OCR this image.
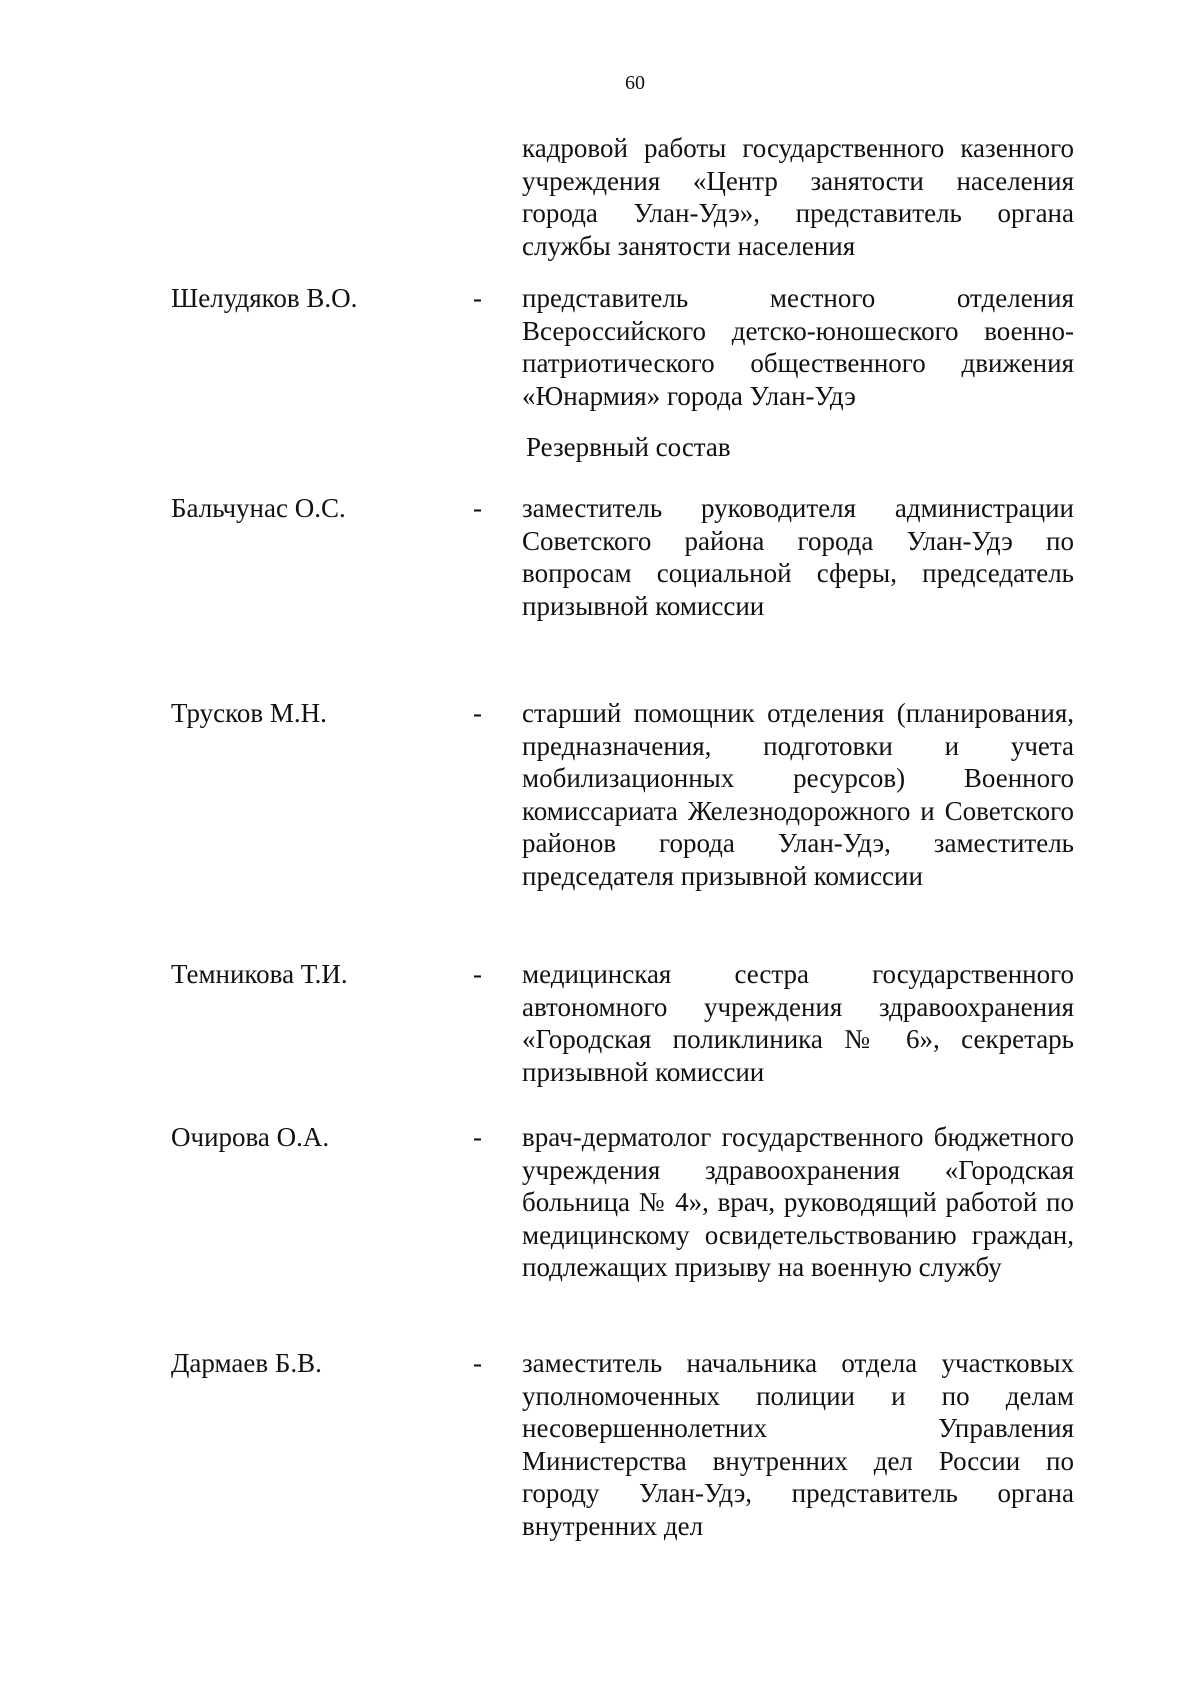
60
кадровой работы государственного казенного учреждения «Центр занятости населения города Улан-Удэ», представитель органа службы занятости населения
Шелудяков В.О.	- представитель местного отделения Всероссийского детско-юношеского военно-патриотического общественного движения «Юнармия» города Улан-Удэ
Резервный состав
Бальчунас О.С.	- заместитель руководителя администрации Советского района города Улан-Удэ по вопросам социальной сферы, председатель призывной комиссии
Трусков М.Н.	- старший помощник отделения (планирования, предназначения, подготовки и учета мобилизационных ресурсов) Военного комиссариата Железнодорожного и Советского районов города Улан-Удэ, заместитель председателя призывной комиссии
Темникова Т.И.	- медицинская сестра государственного автономного учреждения здравоохранения «Городская поликлиника № 6», секретарь призывной комиссии
Очирова О.А.	- врач-дерматолог государственного бюджетного учреждения здравоохранения «Городская больница № 4», врач, руководящий работой по медицинскому освидетельствованию граждан, подлежащих призыву на военную службу
Дармаев Б.В.	- заместитель начальника отдела участковых уполномоченных полиции и по делам несовершеннолетних Управления Министерства внутренних дел России по городу Улан-Удэ, представитель органа внутренних дел
